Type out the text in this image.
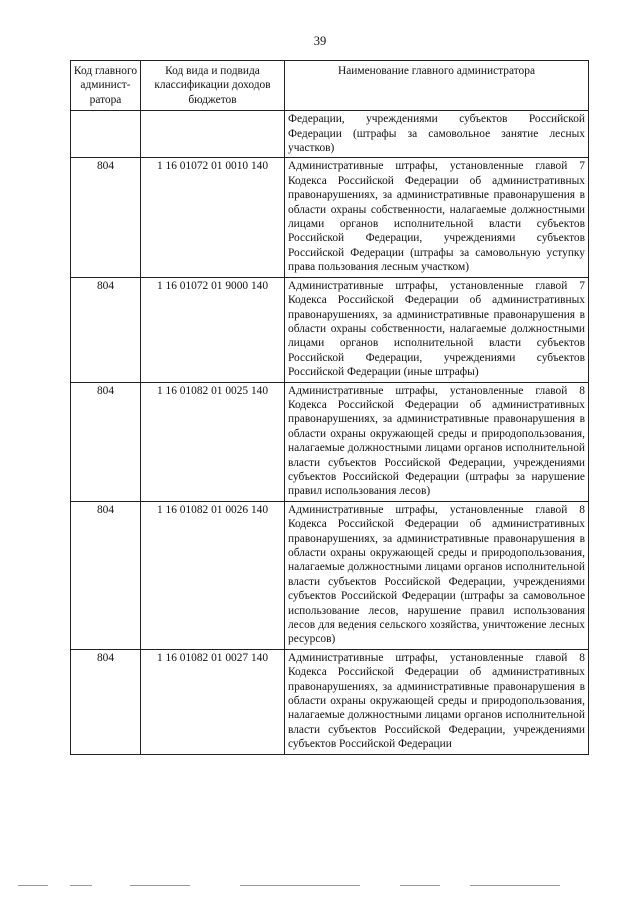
39
Код главного админист-ратора	Код вида и подвида классификации доходов бюджетов	Наименование главного администратора
		Федерации, учреждениями субъектов Российской Федерации (штрафы за самовольное занятие лесных участков)
804	1 16 01072 01 0010 140	Административные штрафы, установленные главой 7 Кодекса Российской Федерации об административных правонарушениях, за административные правонарушения в области охраны собственности, налагаемые должностными лицами органов исполнительной власти субъектов Российской Федерации, учреждениями субъектов Российской Федерации (штрафы за самовольную уступку права пользования лесным участком)
804	1 16 01072 01 9000 140	Административные штрафы, установленные главой 7 Кодекса Российской Федерации об административных правонарушениях, за административные правонарушения в области охраны собственности, налагаемые должностными лицами органов исполнительной власти субъектов Российской Федерации, учреждениями субъектов Российской Федерации (иные штрафы)
804	1 16 01082 01 0025 140	Административные штрафы, установленные главой 8 Кодекса Российской Федерации об административных правонарушениях, за административные правонарушения в области охраны окружающей среды и природопользования, налагаемые должностными лицами органов исполнительной власти субъектов Российской Федерации, учреждениями субъектов Российской Федерации (штрафы за нарушение правил использования лесов)
804	1 16 01082 01 0026 140	Административные штрафы, установленные главой 8 Кодекса Российской Федерации об административных правонарушениях, за административные правонарушения в области охраны окружающей среды и природопользования, налагаемые должностными лицами органов исполнительной власти субъектов Российской Федерации, учреждениями субъектов Российской Федерации (штрафы за самовольное использование лесов, нарушение правил использования лесов для ведения сельского хозяйства, уничтожение лесных ресурсов)
804	1 16 01082 01 0027 140	Административные штрафы, установленные главой 8 Кодекса Российской Федерации об административных правонарушениях, за административные правонарушения в области охраны окружающей среды и природопользования, налагаемые должностными лицами органов исполнительной власти субъектов Российской Федерации, учреждениями субъектов Российской Федерации
